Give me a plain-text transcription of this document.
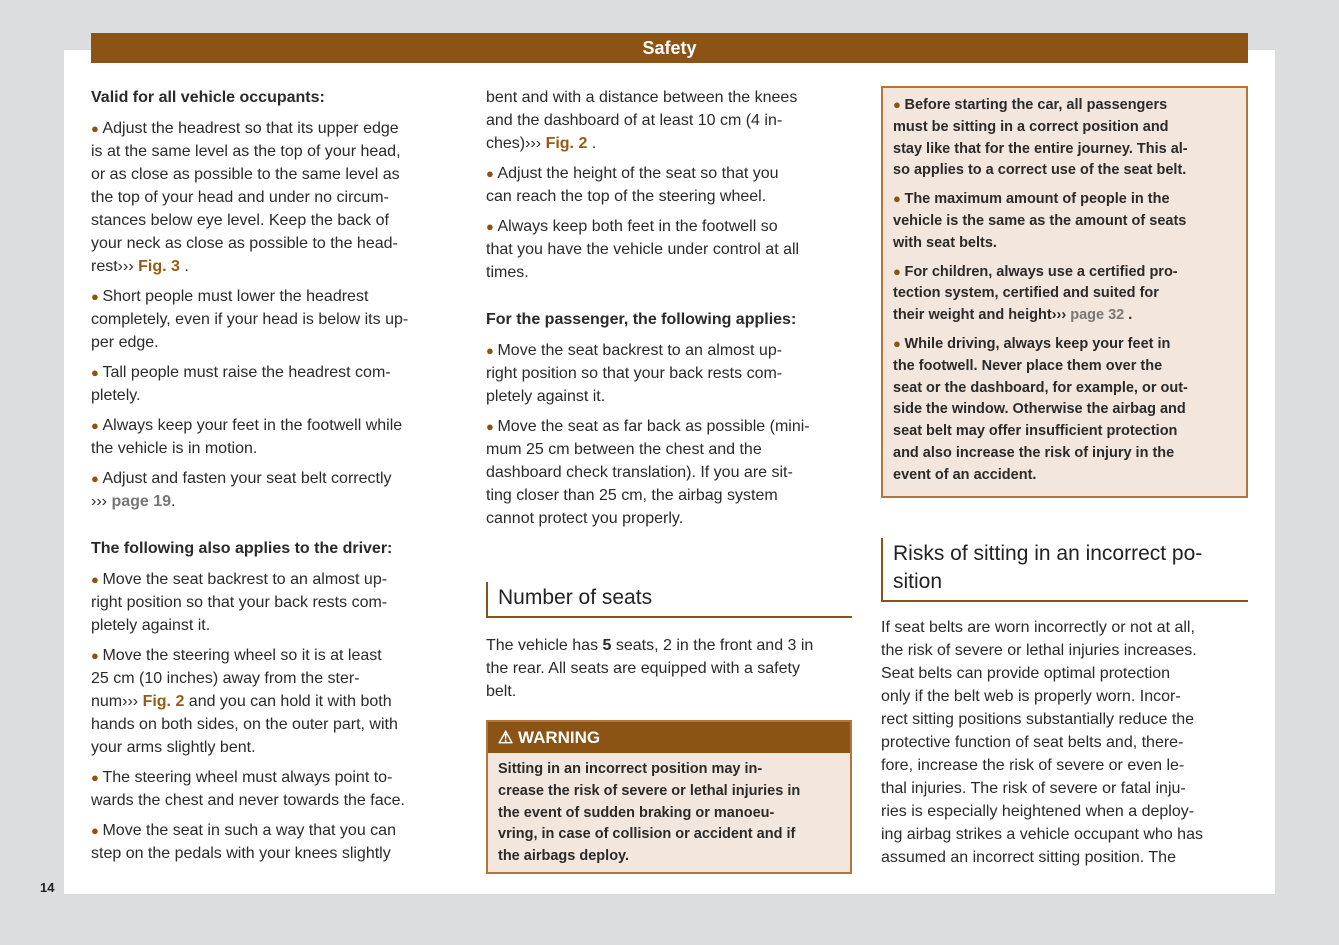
Safety
14
Valid for all vehicle occupants:
● Adjust the headrest so that its upper edge
is at the same level as the top of your head,
or as close as possible to the same level as
the top of your head and under no circum-
stances below eye level. Keep the back of
your neck as close as possible to the head-
rest››› Fig. 3 .
● Short people must lower the headrest
completely, even if your head is below its up-
per edge.
● Tall people must raise the headrest com-
pletely.
● Always keep your feet in the footwell while
the vehicle is in motion.
● Adjust and fasten your seat belt correctly
››› page 19.
The following also applies to the driver:
● Move the seat backrest to an almost up-
right position so that your back rests com-
pletely against it.
● Move the steering wheel so it is at least
25 cm (10 inches) away from the ster-
num››› Fig. 2 and you can hold it with both
hands on both sides, on the outer part, with
your arms slightly bent.
● The steering wheel must always point to-
wards the chest and never towards the face.
● Move the seat in such a way that you can
step on the pedals with your knees slightly
bent and with a distance between the knees
and the dashboard of at least 10 cm (4 in-
ches)››› Fig. 2 .
● Adjust the height of the seat so that you
can reach the top of the steering wheel.
● Always keep both feet in the footwell so
that you have the vehicle under control at all
times.
For the passenger, the following applies:
● Move the seat backrest to an almost up-
right position so that your back rests com-
pletely against it.
● Move the seat as far back as possible (mini-
mum 25 cm between the chest and the
dashboard check translation). If you are sit-
ting closer than 25 cm, the airbag system
cannot protect you properly.
Number of seats
The vehicle has 5 seats, 2 in the front and 3 in
the rear. All seats are equipped with a safety
belt.
⚠ WARNING
Sitting in an incorrect position may in-
crease the risk of severe or lethal injuries in
the event of sudden braking or manoeu-
vring, in case of collision or accident and if
the airbags deploy.
● Before starting the car, all passengers
must be sitting in a correct position and
stay like that for the entire journey. This al-
so applies to a correct use of the seat belt.
● The maximum amount of people in the
vehicle is the same as the amount of seats
with seat belts.
● For children, always use a certified pro-
tection system, certified and suited for
their weight and height››› page 32 .
● While driving, always keep your feet in
the footwell. Never place them over the
seat or the dashboard, for example, or out-
side the window. Otherwise the airbag and
seat belt may offer insufficient protection
and also increase the risk of injury in the
event of an accident.
Risks of sitting in an incorrect po-
sition
If seat belts are worn incorrectly or not at all,
the risk of severe or lethal injuries increases.
Seat belts can provide optimal protection
only if the belt web is properly worn. Incor-
rect sitting positions substantially reduce the
protective function of seat belts and, there-
fore, increase the risk of severe or even le-
thal injuries. The risk of severe or fatal inju-
ries is especially heightened when a deploy-
ing airbag strikes a vehicle occupant who has
assumed an incorrect sitting position. The
